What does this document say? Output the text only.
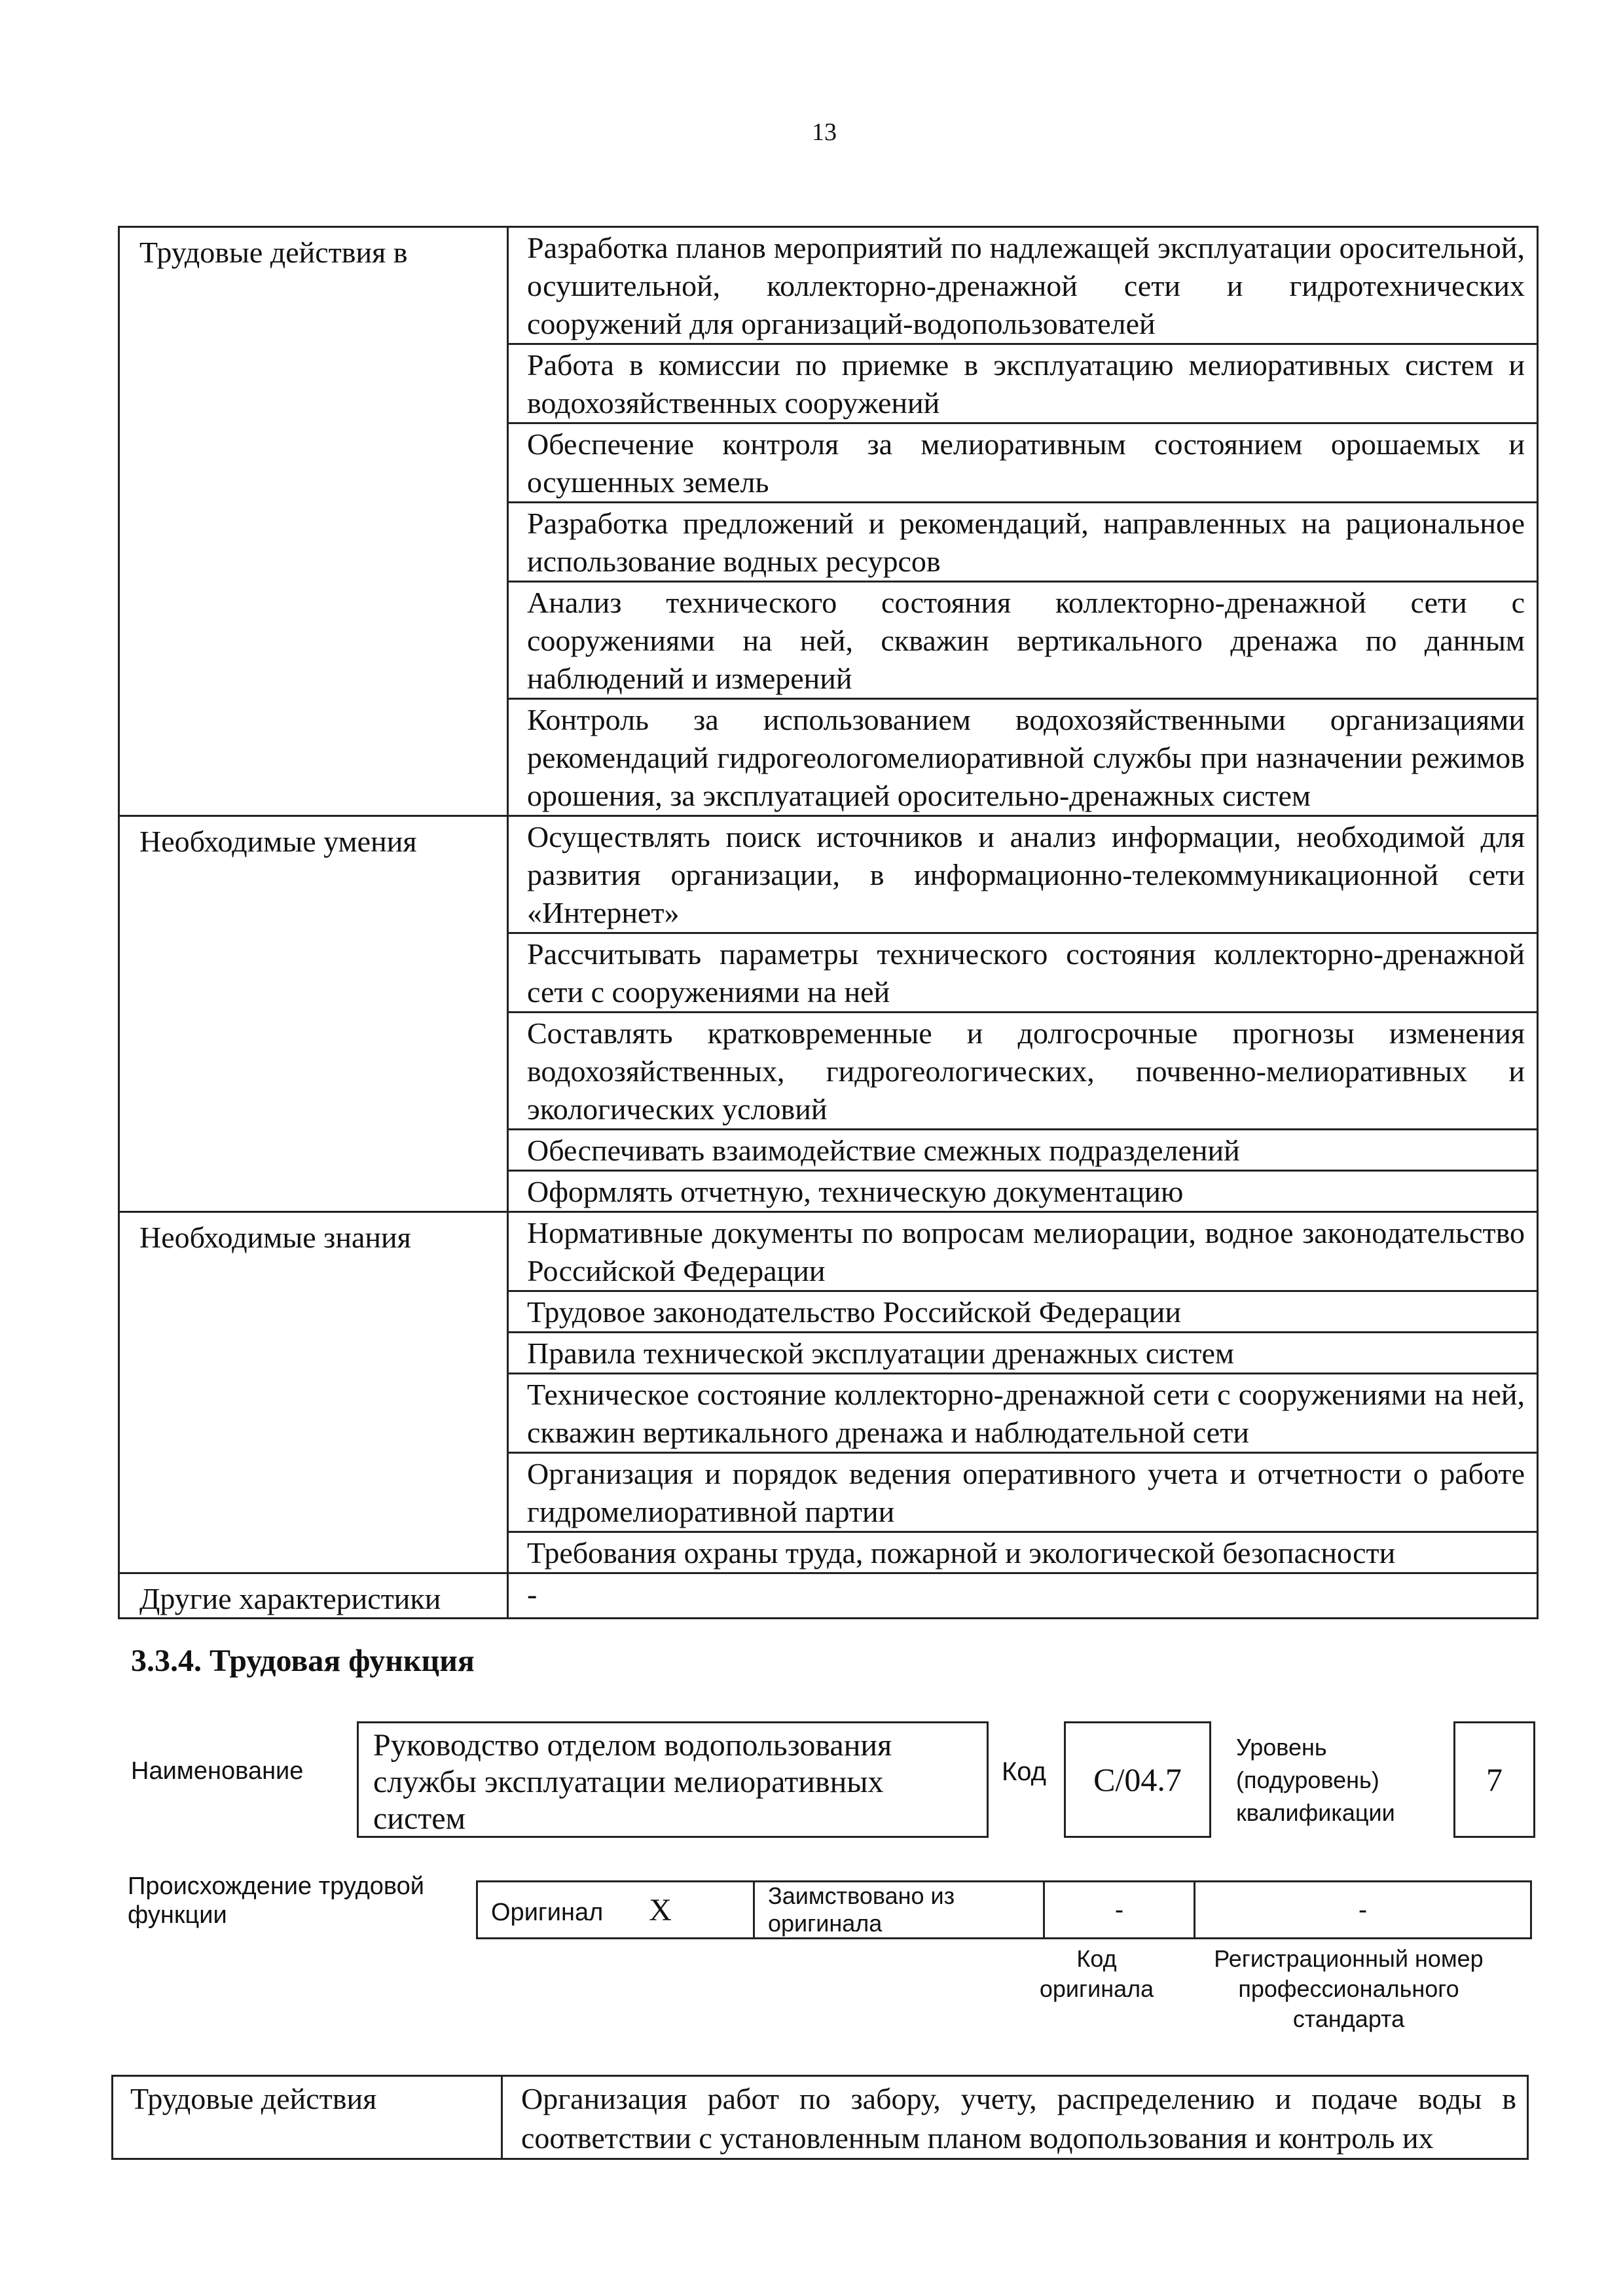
13
Трудовые действия в	Разработка планов мероприятий по надлежащей эксплуатации оросительной, осушительной, коллекторно-дренажной сети и гидротехнических сооружений для организаций-водопользователей
	Работа в комиссии по приемке в эксплуатацию мелиоративных систем и водохозяйственных сооружений
	Обеспечение контроля за мелиоративным состоянием орошаемых и осушенных земель
	Разработка предложений и рекомендаций, направленных на рациональное использование водных ресурсов
	Анализ технического состояния коллекторно-дренажной сети с сооружениями на ней, скважин вертикального дренажа по данным наблюдений и измерений
	Контроль за использованием водохозяйственными организациями рекомендаций гидрогеологомелиоративной службы при назначении режимов орошения, за эксплуатацией оросительно-дренажных систем
Необходимые умения	Осуществлять поиск источников и анализ информации, необходимой для развития организации, в информационно-телекоммуникационной сети «Интернет»
	Рассчитывать параметры технического состояния коллекторно-дренажной сети с сооружениями на ней
	Составлять кратковременные и долгосрочные прогнозы изменения водохозяйственных, гидрогеологических, почвенно-мелиоративных и экологических условий
	Обеспечивать взаимодействие смежных подразделений
	Оформлять отчетную, техническую документацию
Необходимые знания	Нормативные документы по вопросам мелиорации, водное законодательство Российской Федерации
	Трудовое законодательство Российской Федерации
	Правила технической эксплуатации дренажных систем
	Техническое состояние коллекторно-дренажной сети с сооружениями на ней, скважин вертикального дренажа и наблюдательной сети
	Организация и порядок ведения оперативного учета и отчетности о работе гидромелиоративной партии
	Требования охраны труда, пожарной и экологической безопасности
Другие характеристики	-
3.3.4. Трудовая функция
Наименование
Руководство отделом водопользования службы эксплуатации мелиоративных систем
Код	C/04.7
Уровень (подуровень) квалификации
7
Происхождение трудовой функции	Оригинал X	Заимствовано из оригинала	-	-
Код оригинала
Регистрационный номер профессионального стандарта
Трудовые действия	Организация работ по забору, учету, распределению и подаче воды в соответствии с установленным планом водопользования и контроль их
